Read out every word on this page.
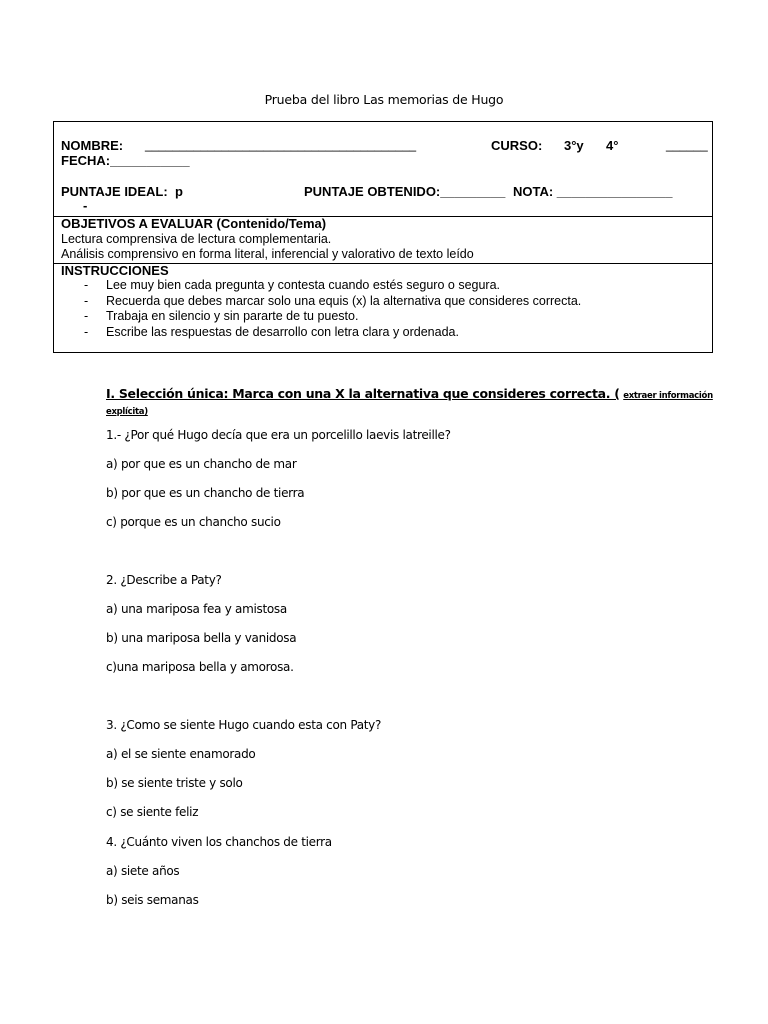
Prueba del libro Las memorias de Hugo
NOMBRE: _______________________________________	CURSO: 3°y 4°	______
FECHA:___________
PUNTAJE IDEAL: p	PUNTAJE OBTENIDO:_________ NOTA: ________________
-
OBJETIVOS A EVALUAR (Contenido/Tema)
Lectura comprensiva de lectura complementaria.
Análisis comprensivo en forma literal, inferencial y valorativo de texto leído
INSTRUCCIONES
- Lee muy bien cada pregunta y contesta cuando estés seguro o segura.
- Recuerda que debes marcar solo una equis (x) la alternativa que consideres correcta.
- Trabaja en silencio y sin pararte de tu puesto.
- Escribe las respuestas de desarrollo con letra clara y ordenada.
I. Selección única: Marca con una X la alternativa que consideres correcta. ( extraer información
explícita)
1.- ¿Por qué Hugo decía que era un porcelillo laevis latreille?
a) por que es un chancho de mar
b) por que es un chancho de tierra
c) porque es un chancho sucio
2. ¿Describe a Paty?
a) una mariposa fea y amistosa
b) una mariposa bella y vanidosa
c)una mariposa bella y amorosa.
3. ¿Como se siente Hugo cuando esta con Paty?
a) el se siente enamorado
b) se siente triste y solo
c) se siente feliz
4. ¿Cuánto viven los chanchos de tierra
a) siete años
b) seis semanas
